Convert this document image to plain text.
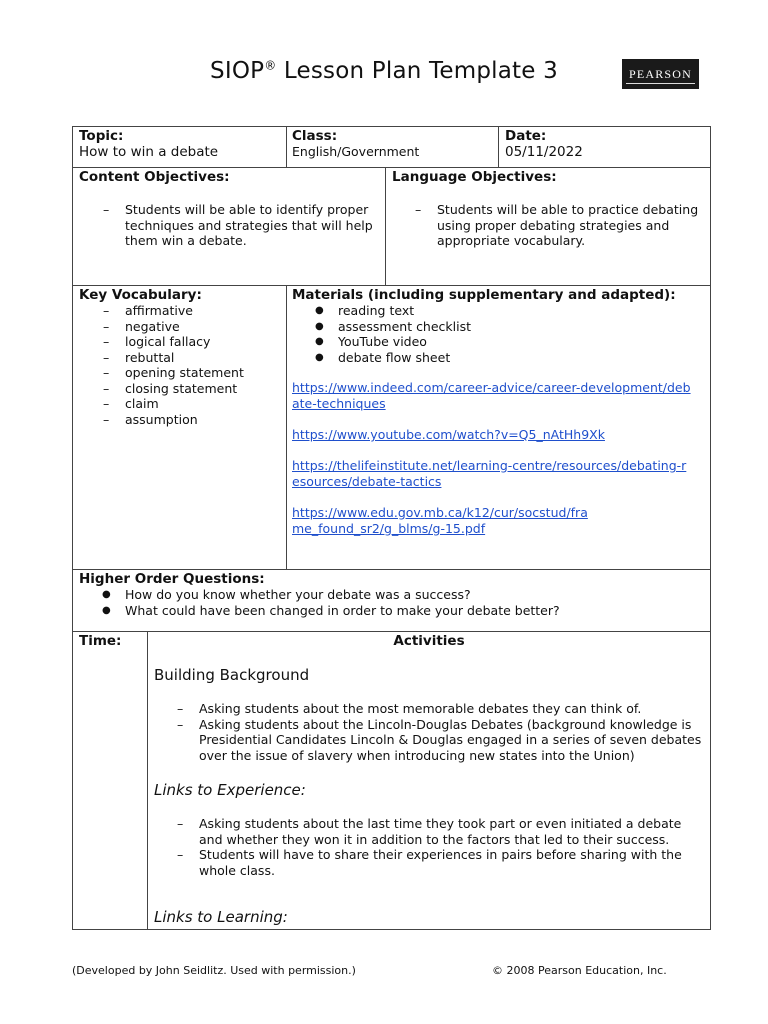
SIOP® Lesson Plan Template 3	PEARSON
Topic:
How to win a debate
Class:
English/Government
Date:
05/11/2022
Content Objectives:
– Students will be able to identify proper techniques and strategies that will help them win a debate.
Language Objectives:
– Students will be able to practice debating using proper debating strategies and appropriate vocabulary.
Key Vocabulary:
– affirmative
– negative
– logical fallacy
– rebuttal
– opening statement
– closing statement
– claim
– assumption
Materials (including supplementary and adapted):
● reading text
● assessment checklist
● YouTube video
● debate flow sheet
https://www.indeed.com/career-advice/career-development/debate-techniques
https://www.youtube.com/watch?v=Q5_nAtHh9Xk
https://thelifeinstitute.net/learning-centre/resources/debating-resources/debate-tactics
https://www.edu.gov.mb.ca/k12/cur/socstud/frame_found_sr2/g_blms/g-15.pdf
Higher Order Questions:
● How do you know whether your debate was a success?
● What could have been changed in order to make your debate better?
Time:	Activities

Building Background

– Asking students about the most memorable debates they can think of.
– Asking students about the Lincoln-Douglas Debates (background knowledge is Presidential Candidates Lincoln & Douglas engaged in a series of seven debates over the issue of slavery when introducing new states into the Union)

Links to Experience:

– Asking students about the last time they took part or even initiated a debate and whether they won it in addition to the factors that led to their success.
– Students will have to share their experiences in pairs before sharing with the whole class.

Links to Learning:

(Developed by John Seidlitz. Used with permission.)	© 2008 Pearson Education, Inc.
